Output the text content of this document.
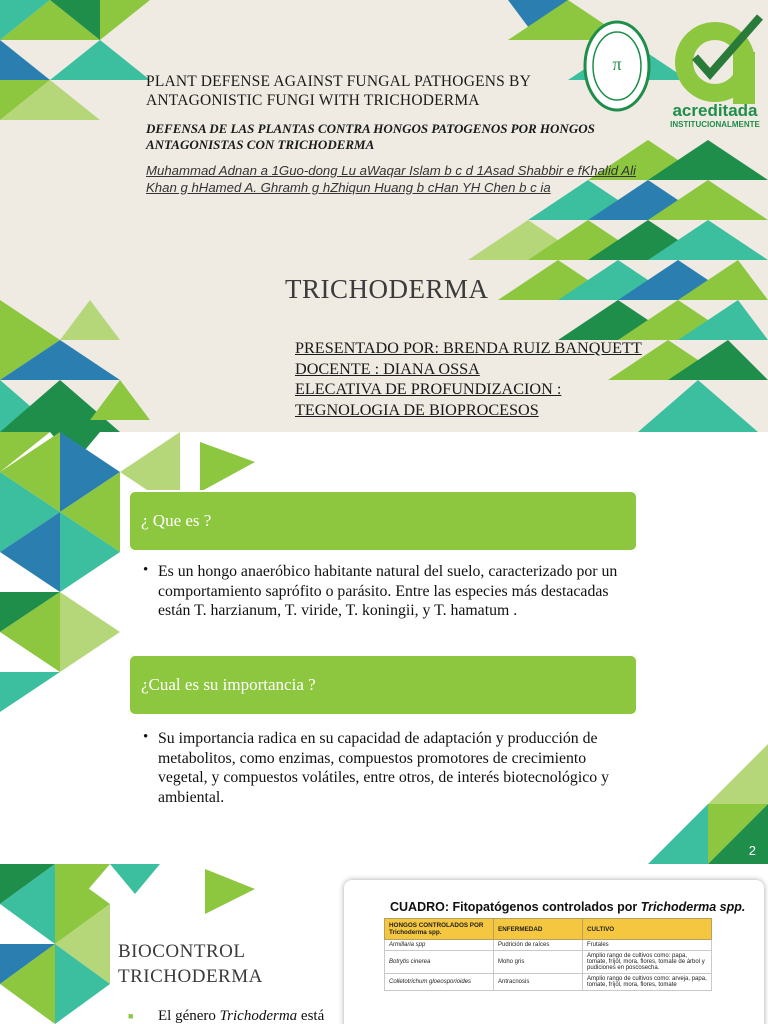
π
acreditada
INSTITUCIONALMENTE
PLANT DEFENSE AGAINST FUNGAL PATHOGENS BY ANTAGONISTIC FUNGI WITH TRICHODERMA
DEFENSA DE LAS PLANTAS CONTRA HONGOS PATOGENOS POR HONGOS ANTAGONISTAS CON TRICHODERMA
Muhammad Adnan a 1Guo-dong Lu aWaqar Islam b c d 1Asad Shabbir e fKhalid Ali Khan g hHamed A. Ghramh g hZhiqun Huang b cHan YH Chen b c ia
TRICHODERMA
PRESENTADO POR: BRENDA RUIZ BANQUETT
DOCENTE : DIANA OSSA
ELECATIVA DE PROFUNDIZACION :
TEGNOLOGIA DE BIOPROCESOS
¿ Que es ?
• Es un hongo anaeróbico habitante natural del suelo, caracterizado por un comportamiento saprófito o parásito. Entre las especies más destacadas están T. harzianum, T. viride, T. koningii, y T. hamatum .
¿Cual es su importancia ?
• Su importancia radica en su capacidad de adaptación y producción de metabolitos, como enzimas, compuestos promotores de crecimiento vegetal, y compuestos volátiles, entre otros, de interés biotecnológico y ambiental.
2
BIOCONTROL
TRICHODERMA
■ El género Trichoderma está
CUADRO: Fitopatógenos controlados por Trichoderma spp.
HONGOS CONTROLADOS POR Trichoderma spp.	ENFERMEDAD	CULTIVO
Armillaria spp	Pudrición de raíces	Frutales
Botrytis cinerea	Moho gris	Amplio rango de cultivos como: papa, tomate, fríjol, mora, flores, tomate de árbol y pudiciones en poscosecha.
Colletotrichum gloeosporioides	Antracnosis	Amplio rango de cultivos como: arveja, papa, tomate, fríjol, mora, flores, tomate
